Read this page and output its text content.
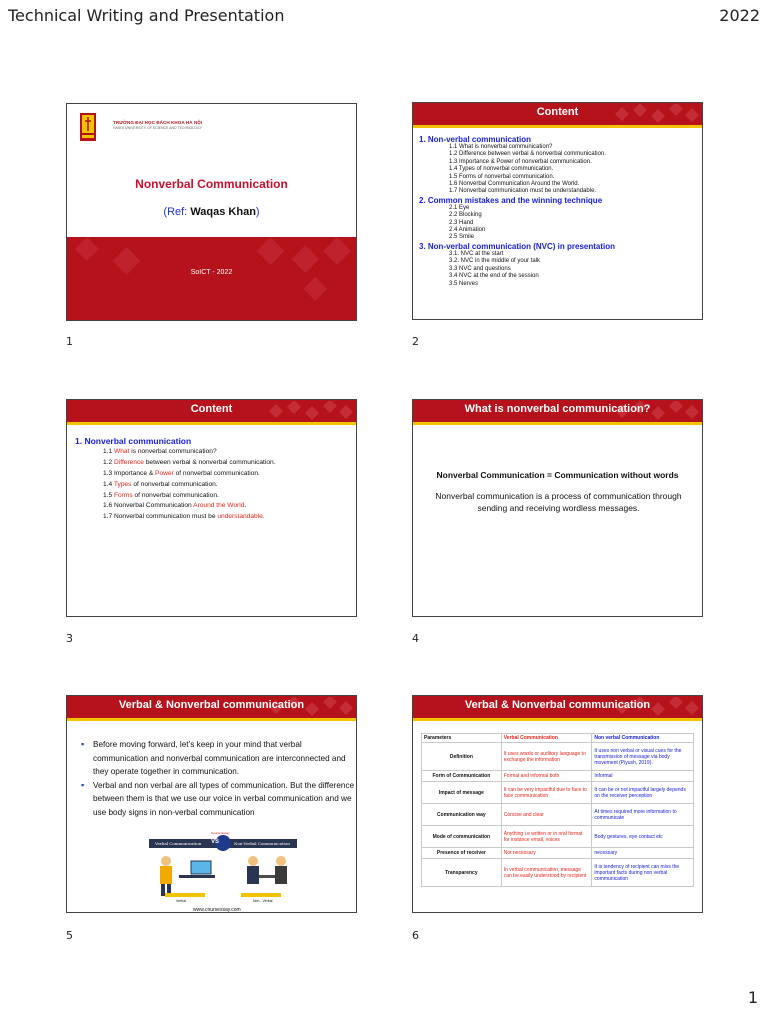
Technical Writing and Presentation	2022
TRƯỜNG ĐẠI HỌC BÁCH KHOA HÀ NỘI
HANOI UNIVERSITY OF SCIENCE AND TECHNOLOGY
Nonverbal Communication
(Ref: Waqas Khan)
SoICT - 2022
1
Content
1. Non-verbal communication
1.1 What is nonverbal communication?
1.2 Difference between verbal & nonverbal communication.
1.3 Importance & Power of nonverbal communication.
1.4 Types of nonverbal communication.
1.5 Forms of nonverbal communication.
1.6 Nonverbal Communication Around the World.
1.7 Nonverbal communication must be understandable.
2. Common mistakes and the winning technique
2.1 Eye
2.2 Blocking
2.3 Hand
2.4 Animation
2.5 Smile
3. Non-verbal communication (NVC) in presentation
3.1. NVC at the start
3.2. NVC in the middle of your talk
3.3 NVC and questions
3.4 NVC at the end of the session
3.5 Nerves
2
Content
1. Nonverbal communication
1.1 What is nonverbal communication?
1.2 Difference between verbal & nonverbal communication.
1.3 Importance & Power of nonverbal communication.
1.4 Types of nonverbal communication.
1.5 Forms of nonverbal communication.
1.6 Nonverbal Communication Around the World.
1.7 Nonverbal communication must be understandable.
3
What is nonverbal communication?
Nonverbal Communication = Communication without words
Nonverbal communication is a process of communication through sending and receiving wordless messages.
4
Verbal & Nonverbal communication
▪ Before moving forward, let’s keep in your mind that verbal communication and nonverbal communication are interconnected and they operate together in communication.
▪ Verbal and non verbal are all types of communication. But the difference between them is that we use our voice in verbal communication and we use body signs in non-verbal communication
Course Essay
Verbal Communication	VS	Non-Verbal Communication
Verbal	Non - Verbal
www.coursessay.com
5
Verbal & Nonverbal communication
Parameters	Verbal Communication	Non verbal Communication
Definition	It uses words or auditory language to exchange the information	It uses non verbal or visual cues for the transmission of message via body movement (Piyush, 2019).
Form of Communication	Formal and informal both	Informal
Impact of message	It can be very impactful due to face to face communication	It can be or not impactful largely depends on the receiver perception
Communication way	Concise and clear	At times required more information to communicate
Mode of communication	Anything i.e written or in oral format for instance email, voices	Body gestures, eye contact etc
Presence of receiver	Not necessary	necessary
Transparency	In verbal communication, message can be easily understood by recipient	It is tendency of recipient can miss the important facts during non verbal communication
6
1
